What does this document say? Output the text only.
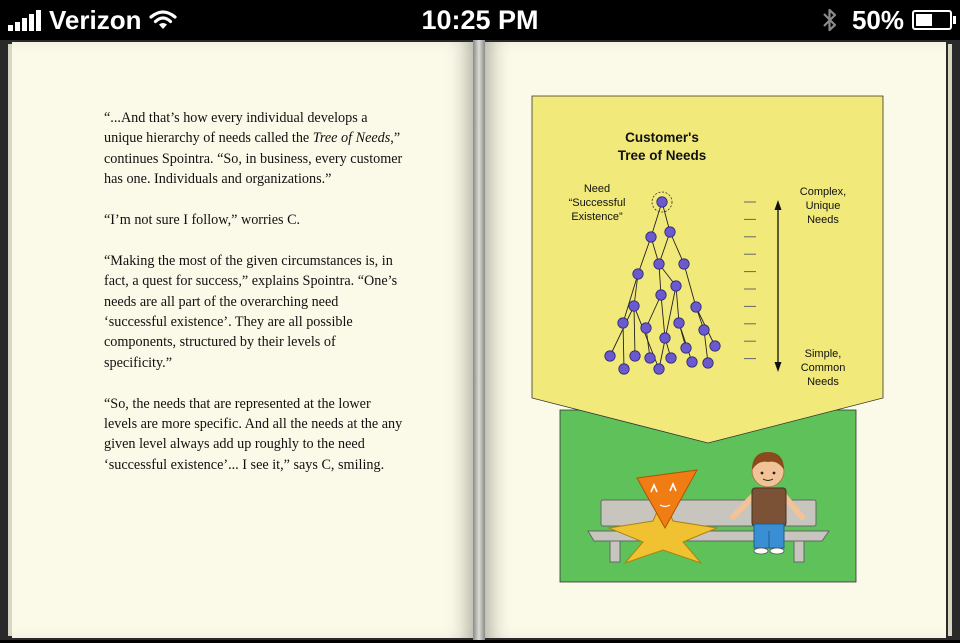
Verizon	10:25 PM	50%

“...And that’s how every individual develops a unique hierarchy of needs called the Tree of Needs,” continues Spointra. “So, in business, every customer has one. Individuals and organizations.”

“I’m not sure I follow,” worries C.

“Making the most of the given circumstances is, in fact, a quest for success,” explains Spointra. “One’s needs are all part of the overarching need ‘successful existence’. They are all possible components, structured by their levels of specificity.”

“So, the needs that are represented at the lower levels are more specific. And all the needs at the any given level always add up roughly to the need ‘successful existence’... I see it,” says C, smiling.

Customer's
Tree of Needs
Need
“Successful
Existence”
Complex,
Unique
Needs
Simple,
Common
Needs
